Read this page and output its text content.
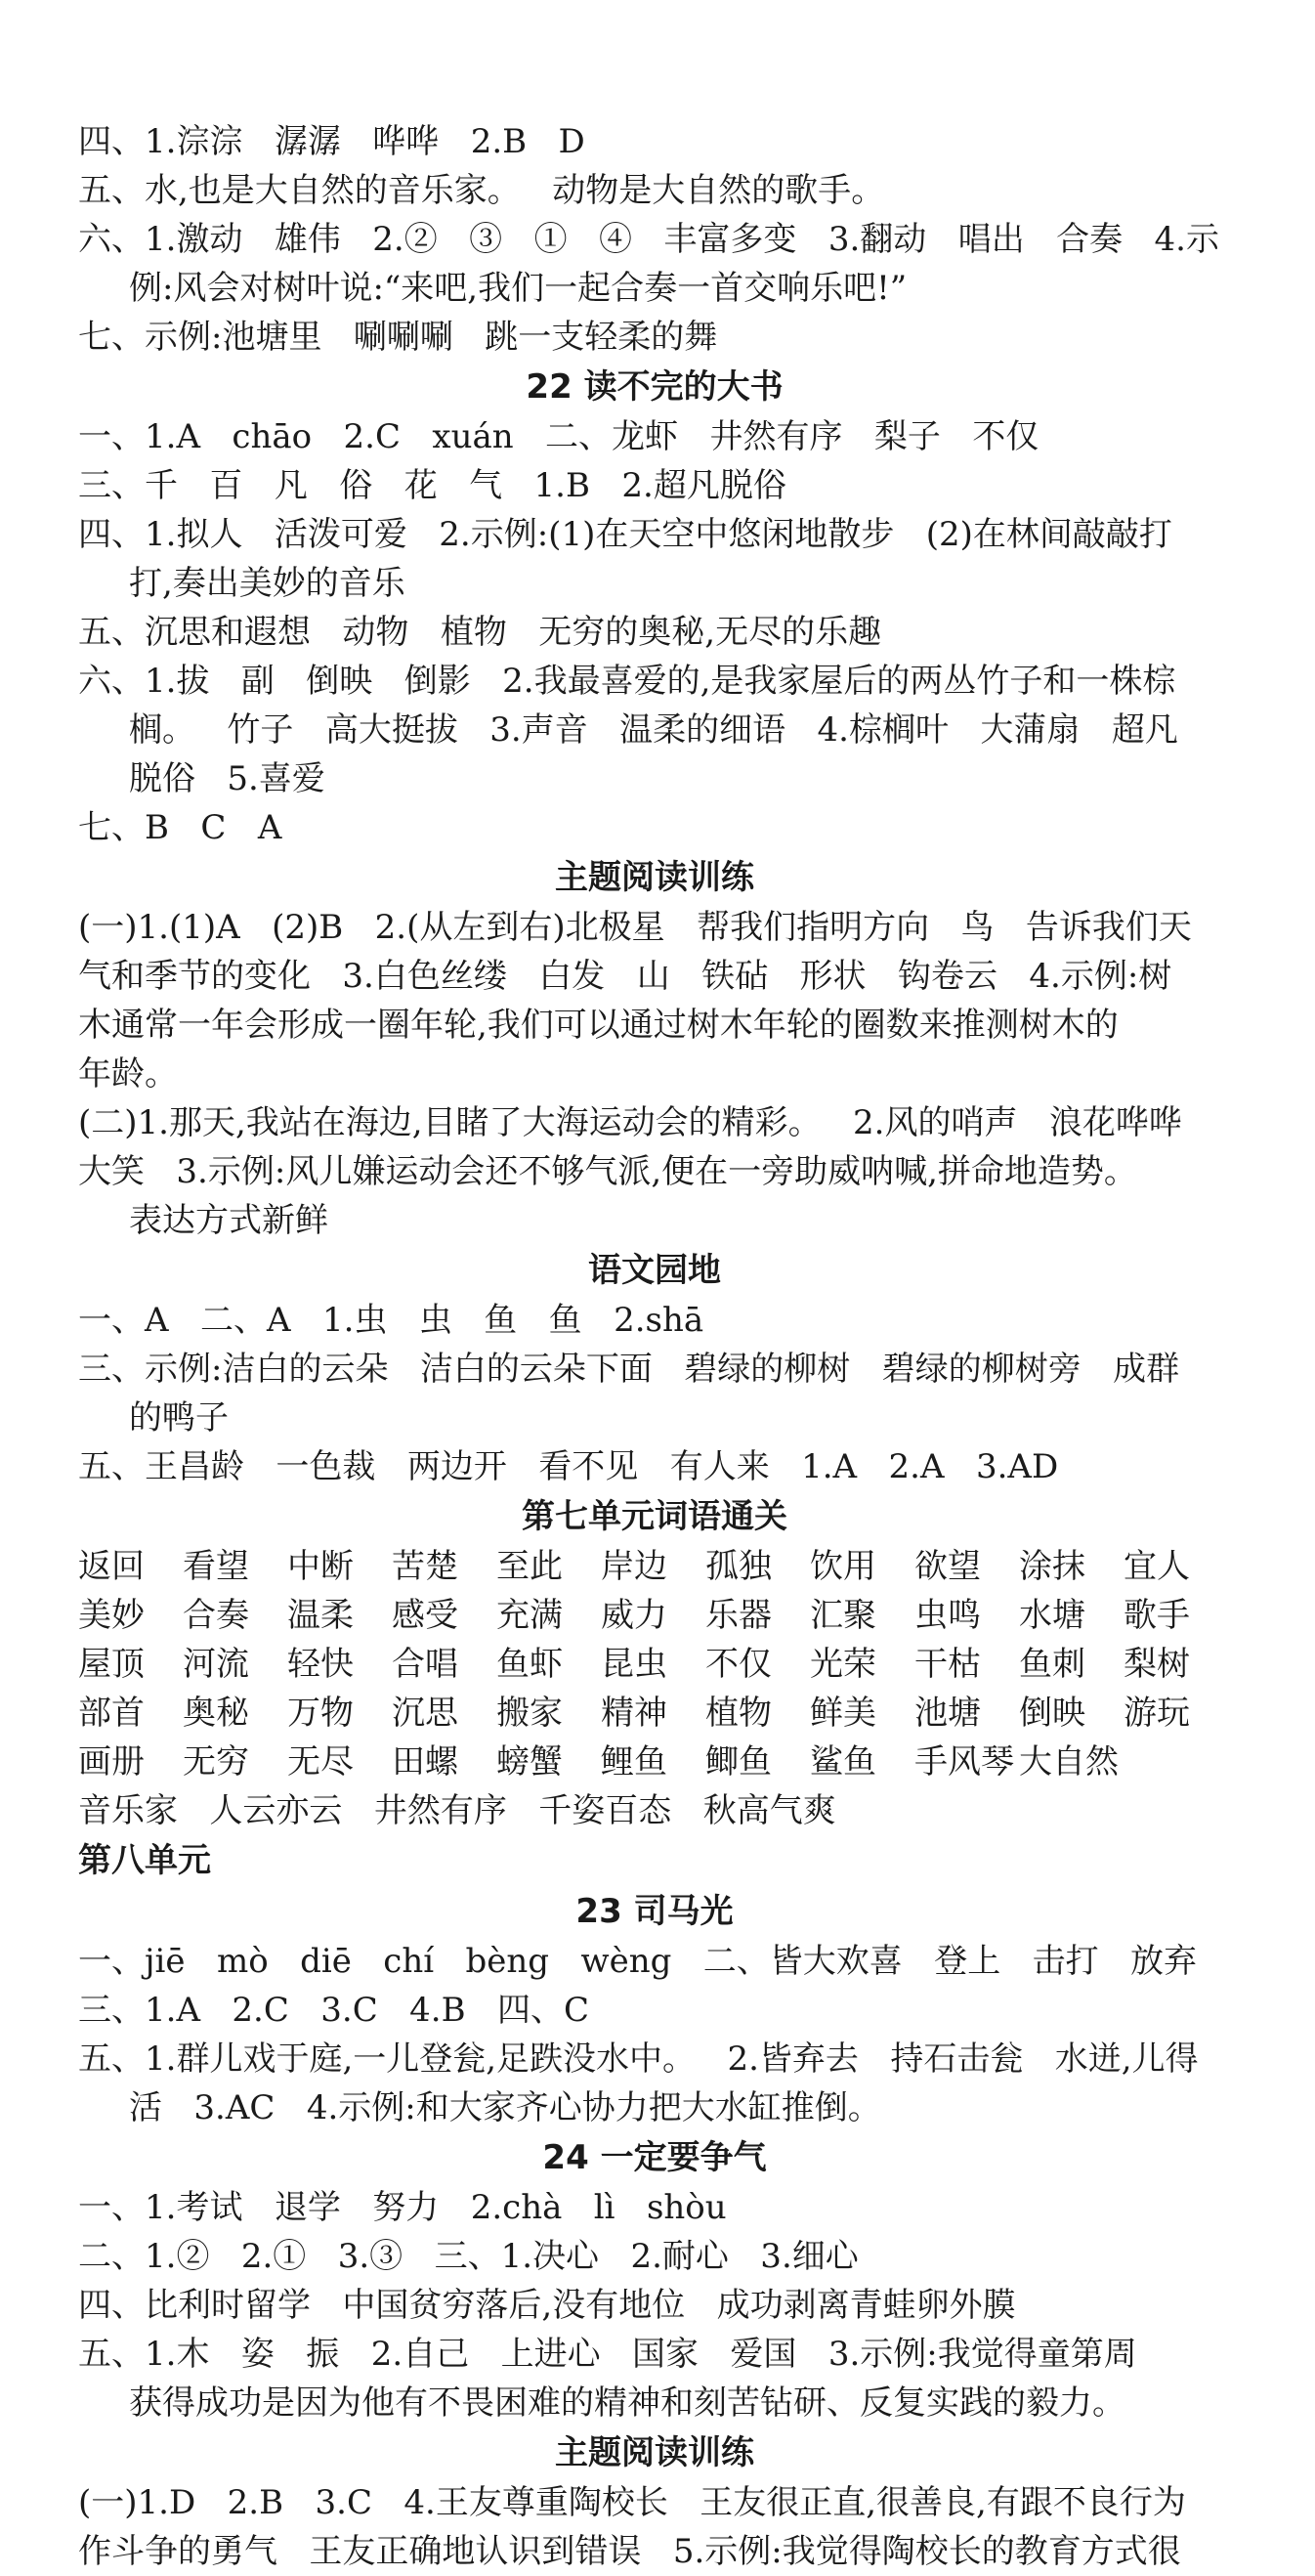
四、1.淙淙   潺潺   哗哗   2.B   D
五、水,也是大自然的音乐家。   动物是大自然的歌手。
六、1.激动   雄伟   2.②   ③   ①   ④   丰富多变   3.翻动   唱出   合奏   4.示
例:风会对树叶说:“来吧,我们一起合奏一首交响乐吧!”
七、示例:池塘里   唰唰唰   跳一支轻柔的舞
22 读不完的大书
一、1.A   chāo   2.C   xuán   二、龙虾   井然有序   梨子   不仅
三、千   百   凡   俗   花   气   1.B   2.超凡脱俗
四、1.拟人   活泼可爱   2.示例:(1)在天空中悠闲地散步   (2)在林间敲敲打
打,奏出美妙的音乐
五、沉思和遐想   动物   植物   无穷的奥秘,无尽的乐趣
六、1.拔   副   倒映   倒影   2.我最喜爱的,是我家屋后的两丛竹子和一株棕
榈。   竹子   高大挺拔   3.声音   温柔的细语   4.棕榈叶   大蒲扇   超凡
脱俗   5.喜爱
七、B   C   A
主题阅读训练
(一)1.(1)A   (2)B   2.(从左到右)北极星   帮我们指明方向   鸟   告诉我们天
气和季节的变化   3.白色丝缕   白发   山   铁砧   形状   钩卷云   4.示例:树
木通常一年会形成一圈年轮,我们可以通过树木年轮的圈数来推测树木的
年龄。
(二)1.那天,我站在海边,目睹了大海运动会的精彩。   2.风的哨声   浪花哗哗
大笑   3.示例:风儿嫌运动会还不够气派,便在一旁助威呐喊,拼命地造势。
表达方式新鲜
语文园地
一、A   二、A   1.虫   虫   鱼   鱼   2.shā
三、示例:洁白的云朵   洁白的云朵下面   碧绿的柳树   碧绿的柳树旁   成群
的鸭子
五、王昌龄   一色裁   两边开   看不见   有人来   1.A   2.A   3.AD
第七单元词语通关
返回	看望	中断	苦楚	至此	岸边	孤独	饮用	欲望	涂抹	宜人
美妙	合奏	温柔	感受	充满	威力	乐器	汇聚	虫鸣	水塘	歌手
屋顶	河流	轻快	合唱	鱼虾	昆虫	不仅	光荣	干枯	鱼刺	梨树
部首	奥秘	万物	沉思	搬家	精神	植物	鲜美	池塘	倒映	游玩
画册	无穷	无尽	田螺	螃蟹	鲤鱼	鲫鱼	鲨鱼	手风琴 大自然
音乐家   人云亦云   井然有序   千姿百态   秋高气爽
第八单元
23 司马光
一、jiē   mò   diē   chí   bèng   wèng   二、皆大欢喜   登上   击打   放弃
三、1.A   2.C   3.C   4.B   四、C
五、1.群儿戏于庭,一儿登瓮,足跌没水中。   2.皆弃去   持石击瓮   水迸,儿得
活   3.AC   4.示例:和大家齐心协力把大水缸推倒。
24 一定要争气
一、1.考试   退学   努力   2.chà   lì   shòu
二、1.②   2.①   3.③   三、1.决心   2.耐心   3.细心
四、比利时留学   中国贫穷落后,没有地位   成功剥离青蛙卵外膜
五、1.木   姿   振   2.自己   上进心   国家   爱国   3.示例:我觉得童第周
获得成功是因为他有不畏困难的精神和刻苦钻研、反复实践的毅力。
主题阅读训练
(一)1.D   2.B   3.C   4.王友尊重陶校长   王友很正直,很善良,有跟不良行为
作斗争的勇气   王友正确地认识到错误   5.示例:我觉得陶校长的教育方式很
